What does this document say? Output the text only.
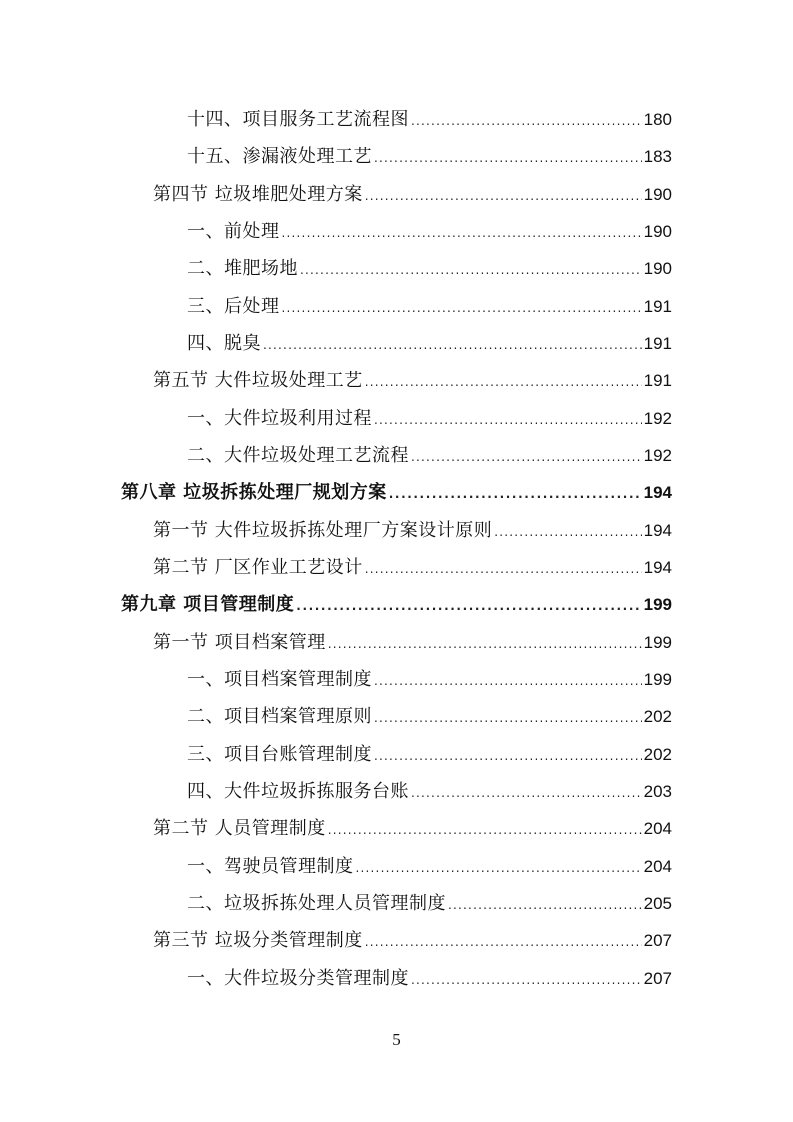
十四、项目服务工艺流程图 .....	180
十五、渗漏液处理工艺 .....	183
第四节 垃圾堆肥处理方案 .....	190
一、前处理 .....	190
二、堆肥场地 .....	190
三、后处理 .....	191
四、脱臭 .....	191
第五节 大件垃圾处理工艺 .....	191
一、大件垃圾利用过程 .....	192
二、大件垃圾处理工艺流程 .....	192
第八章 垃圾拆拣处理厂规划方案 .....	194
第一节 大件垃圾拆拣处理厂方案设计原则 .....	194
第二节 厂区作业工艺设计 .....	194
第九章 项目管理制度 .....	199
第一节 项目档案管理 .....	199
一、项目档案管理制度 .....	199
二、项目档案管理原则 .....	202
三、项目台账管理制度 .....	202
四、大件垃圾拆拣服务台账 .....	203
第二节 人员管理制度 .....	204
一、驾驶员管理制度 .....	204
二、垃圾拆拣处理人员管理制度 .....	205
第三节 垃圾分类管理制度 .....	207
一、大件垃圾分类管理制度 .....	207
5
